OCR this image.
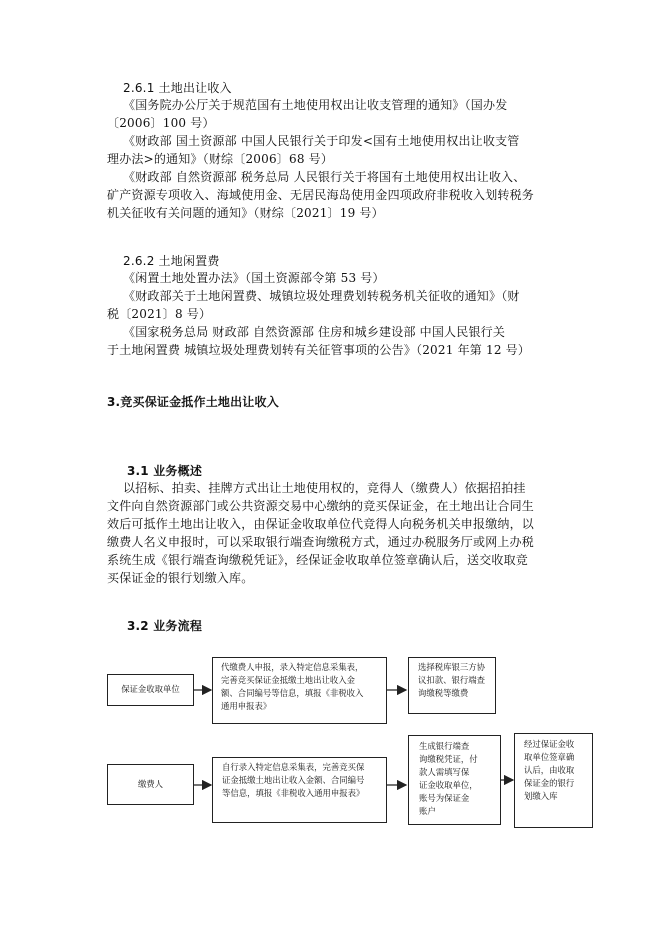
2.6.1 土地出让收入
《国务院办公厅关于规范国有土地使用权出让收支管理的通知》（国办发
〔2006〕100 号）
《财政部 国土资源部 中国人民银行关于印发<国有土地使用权出让收支管
理办法>的通知》（财综〔2006〕68 号）
《财政部 自然资源部 税务总局 人民银行关于将国有土地使用权出让收入、
矿产资源专项收入、海域使用金、无居民海岛使用金四项政府非税收入划转税务
机关征收有关问题的通知》（财综〔2021〕19 号）
2.6.2 土地闲置费
《闲置土地处置办法》（国土资源部令第 53 号）
《财政部关于土地闲置费、城镇垃圾处理费划转税务机关征收的通知》（财
税〔2021〕8 号）
《国家税务总局 财政部 自然资源部 住房和城乡建设部 中国人民银行关
于土地闲置费 城镇垃圾处理费划转有关征管事项的公告》（2021 年第 12 号）
3.竞买保证金抵作土地出让收入
3.1 业务概述
以招标、拍卖、挂牌方式出让土地使用权的，竞得人（缴费人）依据招拍挂
文件向自然资源部门或公共资源交易中心缴纳的竞买保证金，在土地出让合同生
效后可抵作土地出让收入，由保证金收取单位代竞得人向税务机关申报缴纳，以
缴费人名义申报时，可以采取银行端查询缴税方式，通过办税服务厅或网上办税
系统生成《银行端查询缴税凭证》，经保证金收取单位签章确认后，送交收取竞
买保证金的银行划缴入库。
3.2 业务流程
保证金收取单位
代缴费人申报，录入特定信息采集表，
完善竞买保证金抵缴土地出让收入金
额、合同编号等信息，填报《非税收入
通用申报表》
选择税库银三方协
议扣款、银行端查
询缴税等缴费
缴费人
自行录入特定信息采集表，完善竞买保
证金抵缴土地出让收入金额、合同编号
等信息，填报《非税收入通用申报表》
生成银行端查
询缴税凭证，付
款人需填写保
证金收取单位，
账号为保证金
账户
经过保证金收
取单位签章确
认后，由收取
保证金的银行
划缴入库
